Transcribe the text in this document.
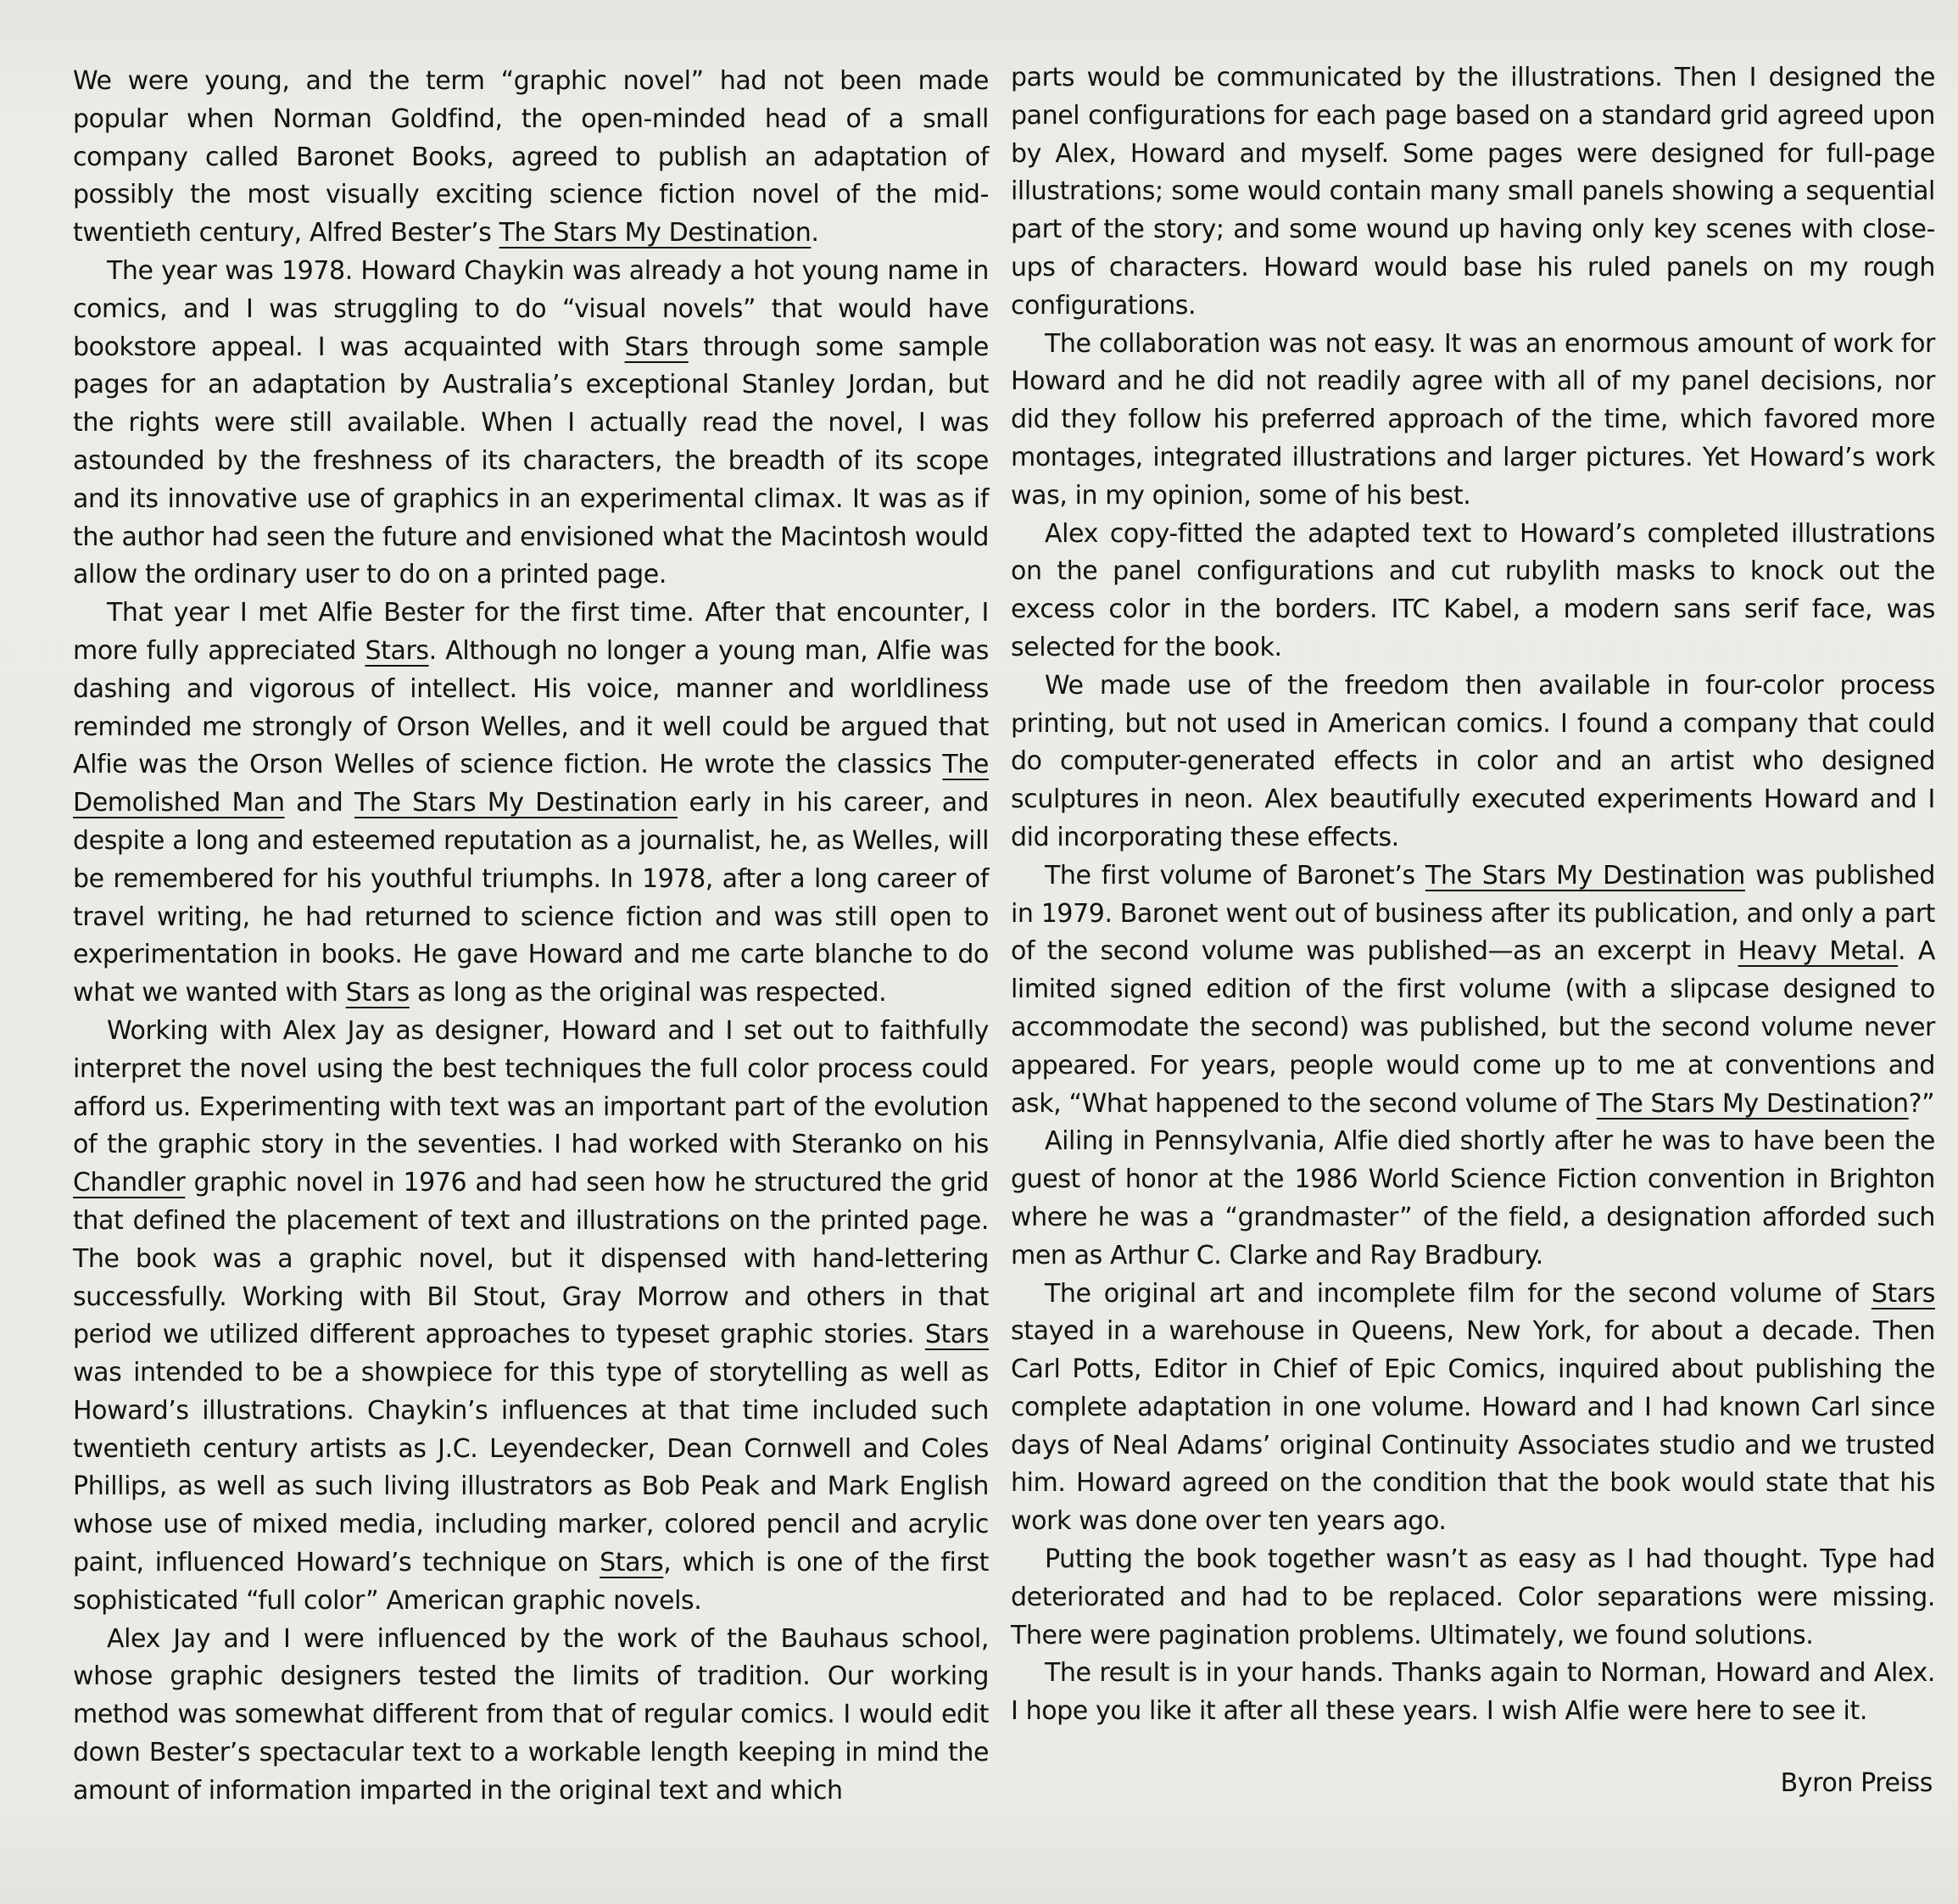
We were young, and the term “graphic novel” had not been made popular when Norman Goldfind, the open-minded head of a small company called Baronet Books, agreed to publish an adaptation of possibly the most visually exciting science fiction novel of the mid-twentieth century, Alfred Bester’s The Stars My Destination.

The year was 1978. Howard Chaykin was already a hot young name in comics, and I was struggling to do “visual novels” that would have bookstore appeal. I was acquainted with Stars through some sample pages for an adaptation by Australia’s exceptional Stanley Jordan, but the rights were still available. When I actually read the novel, I was astounded by the freshness of its characters, the breadth of its scope and its innovative use of graphics in an experimental climax. It was as if the author had seen the future and envisioned what the Macintosh would allow the ordinary user to do on a printed page.

That year I met Alfie Bester for the first time. After that encounter, I more fully appreciated Stars. Although no longer a young man, Alfie was dashing and vigorous of intellect. His voice, manner and worldliness reminded me strongly of Orson Welles, and it well could be argued that Alfie was the Orson Welles of science fiction. He wrote the classics The Demolished Man and The Stars My Destination early in his career, and despite a long and esteemed reputation as a journalist, he, as Welles, will be remembered for his youthful triumphs. In 1978, after a long career of travel writing, he had returned to science fiction and was still open to experimentation in books. He gave Howard and me carte blanche to do what we wanted with Stars as long as the original was respected.

Working with Alex Jay as designer, Howard and I set out to faithfully interpret the novel using the best techniques the full color process could afford us. Experimenting with text was an important part of the evolution of the graphic story in the seventies. I had worked with Steranko on his Chandler graphic novel in 1976 and had seen how he structured the grid that defined the placement of text and illustrations on the printed page. The book was a graphic novel, but it dispensed with hand-lettering successfully. Working with Bil Stout, Gray Morrow and others in that period we utilized different approaches to typeset graphic stories. Stars was intended to be a showpiece for this type of storytelling as well as Howard’s illustrations. Chaykin’s influences at that time included such twentieth century artists as J.C. Leyendecker, Dean Cornwell and Coles Phillips, as well as such living illustrators as Bob Peak and Mark English whose use of mixed media, including marker, colored pencil and acrylic paint, influenced Howard’s technique on Stars, which is one of the first sophisticated “full color” American graphic novels.

Alex Jay and I were influenced by the work of the Bauhaus school, whose graphic designers tested the limits of tradition. Our working method was somewhat different from that of regular comics. I would edit down Bester’s spectacular text to a workable length keeping in mind the amount of information imparted in the original text and which

parts would be communicated by the illustrations. Then I designed the panel configurations for each page based on a standard grid agreed upon by Alex, Howard and myself. Some pages were designed for full-page illustrations; some would contain many small panels showing a sequential part of the story; and some wound up having only key scenes with close-ups of characters. Howard would base his ruled panels on my rough configurations.

The collaboration was not easy. It was an enormous amount of work for Howard and he did not readily agree with all of my panel decisions, nor did they follow his preferred approach of the time, which favored more montages, integrated illustrations and larger pictures. Yet Howard’s work was, in my opinion, some of his best.

Alex copy-fitted the adapted text to Howard’s completed illustrations on the panel configurations and cut rubylith masks to knock out the excess color in the borders. ITC Kabel, a modern sans serif face, was selected for the book.

We made use of the freedom then available in four-color process printing, but not used in American comics. I found a company that could do computer-generated effects in color and an artist who designed sculptures in neon. Alex beautifully executed experiments Howard and I did incorporating these effects.

The first volume of Baronet’s The Stars My Destination was published in 1979. Baronet went out of business after its publication, and only a part of the second volume was published—as an excerpt in Heavy Metal. A limited signed edition of the first volume (with a slipcase designed to accommodate the second) was published, but the second volume never appeared. For years, people would come up to me at conventions and ask, “What happened to the second volume of The Stars My Destination?”

Ailing in Pennsylvania, Alfie died shortly after he was to have been the guest of honor at the 1986 World Science Fiction convention in Brighton where he was a “grandmaster” of the field, a designation afforded such men as Arthur C. Clarke and Ray Bradbury.

The original art and incomplete film for the second volume of Stars stayed in a warehouse in Queens, New York, for about a decade. Then Carl Potts, Editor in Chief of Epic Comics, inquired about publishing the complete adaptation in one volume. Howard and I had known Carl since days of Neal Adams’ original Continuity Associates studio and we trusted him. Howard agreed on the condition that the book would state that his work was done over ten years ago.

Putting the book together wasn’t as easy as I had thought. Type had deteriorated and had to be replaced. Color separations were missing. There were pagination problems. Ultimately, we found solutions.

The result is in your hands. Thanks again to Norman, Howard and Alex. I hope you like it after all these years. I wish Alfie were here to see it.

Byron Preiss
